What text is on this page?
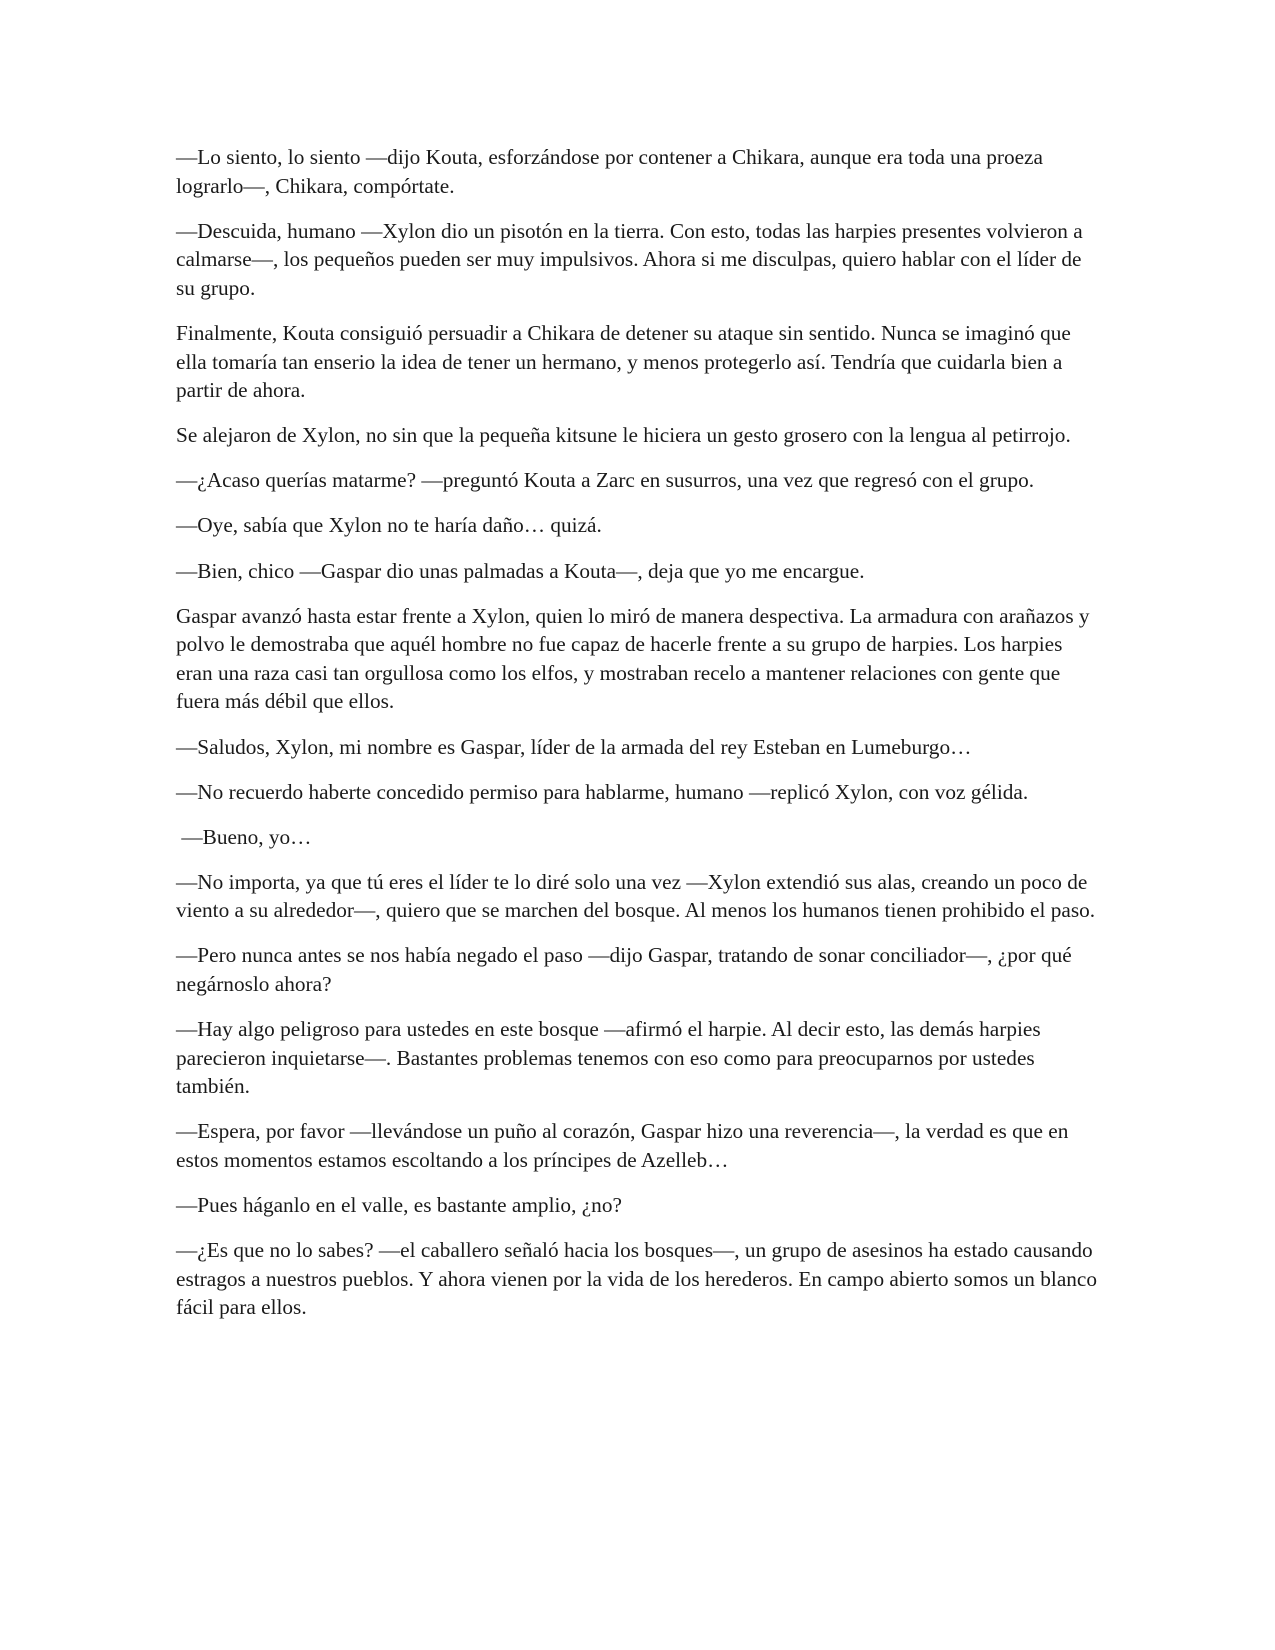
—Lo siento, lo siento —dijo Kouta, esforzándose por contener a Chikara, aunque era toda una proeza lograrlo—, Chikara, compórtate.

—Descuida, humano —Xylon dio un pisotón en la tierra. Con esto, todas las harpies presentes volvieron a calmarse—, los pequeños pueden ser muy impulsivos. Ahora si me disculpas, quiero hablar con el líder de su grupo.

Finalmente, Kouta consiguió persuadir a Chikara de detener su ataque sin sentido. Nunca se imaginó que ella tomaría tan enserio la idea de tener un hermano, y menos protegerlo así. Tendría que cuidarla bien a partir de ahora.

Se alejaron de Xylon, no sin que la pequeña kitsune le hiciera un gesto grosero con la lengua al petirrojo.

—¿Acaso querías matarme? —preguntó Kouta a Zarc en susurros, una vez que regresó con el grupo.

—Oye, sabía que Xylon no te haría daño… quizá.

—Bien, chico —Gaspar dio unas palmadas a Kouta—, deja que yo me encargue.

Gaspar avanzó hasta estar frente a Xylon, quien lo miró de manera despectiva. La armadura con arañazos y polvo le demostraba que aquél hombre no fue capaz de hacerle frente a su grupo de harpies. Los harpies eran una raza casi tan orgullosa como los elfos, y mostraban recelo a mantener relaciones con gente que fuera más débil que ellos.

—Saludos, Xylon, mi nombre es Gaspar, líder de la armada del rey Esteban en Lumeburgo…

—No recuerdo haberte concedido permiso para hablarme, humano —replicó Xylon, con voz gélida.

—Bueno, yo…

—No importa, ya que tú eres el líder te lo diré solo una vez —Xylon extendió sus alas, creando un poco de viento a su alrededor—, quiero que se marchen del bosque. Al menos los humanos tienen prohibido el paso.

—Pero nunca antes se nos había negado el paso —dijo Gaspar, tratando de sonar conciliador—, ¿por qué negárnoslo ahora?

—Hay algo peligroso para ustedes en este bosque —afirmó el harpie. Al decir esto, las demás harpies parecieron inquietarse—. Bastantes problemas tenemos con eso como para preocuparnos por ustedes también.

—Espera, por favor —llevándose un puño al corazón, Gaspar hizo una reverencia—, la verdad es que en estos momentos estamos escoltando a los príncipes de Azelleb…

—Pues háganlo en el valle, es bastante amplio, ¿no?

—¿Es que no lo sabes? —el caballero señaló hacia los bosques—, un grupo de asesinos ha estado causando estragos a nuestros pueblos. Y ahora vienen por la vida de los herederos. En campo abierto somos un blanco fácil para ellos.
